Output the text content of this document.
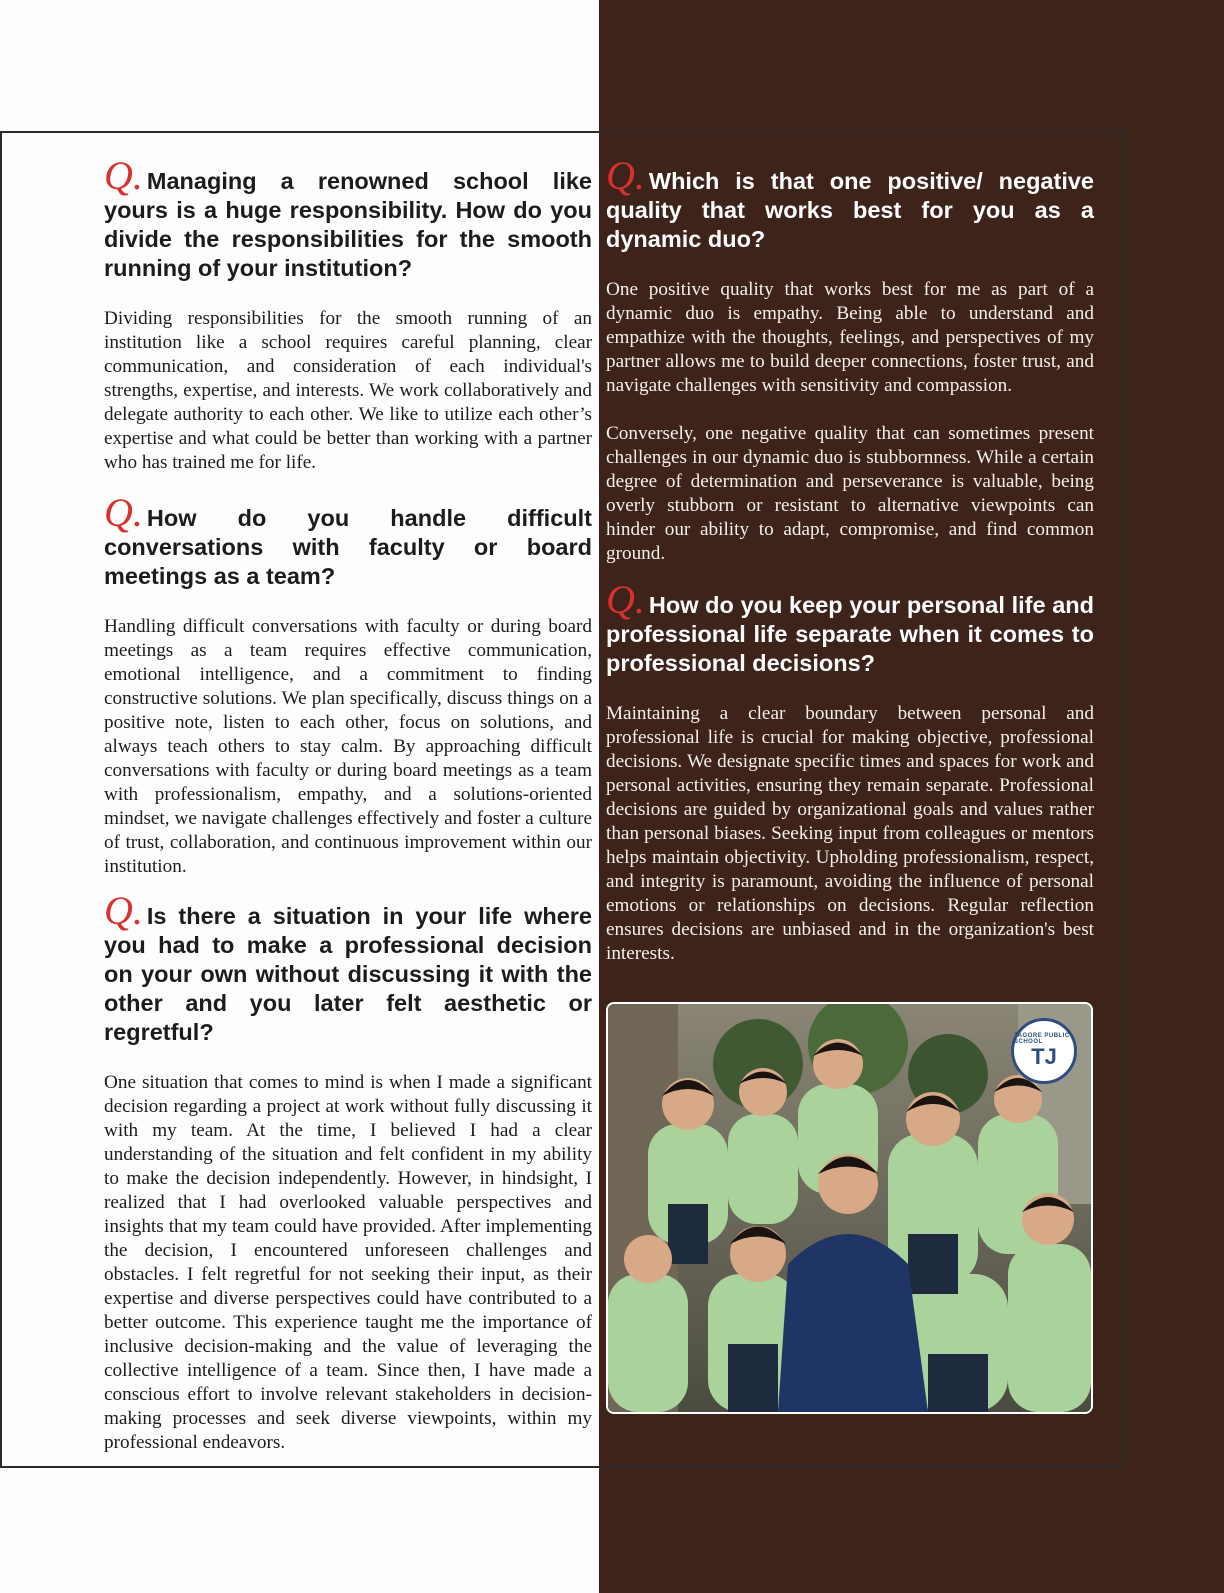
Q. Managing a renowned school like yours is a huge responsibility. How do you divide the responsibilities for the smooth running of your institution?

Dividing responsibilities for the smooth running of an institution like a school requires careful planning, clear communication, and consideration of each individual's strengths, expertise, and interests. We work collaboratively and delegate authority to each other. We like to utilize each other’s expertise and what could be better than working with a partner who has trained me for life.

Q. How do you handle difficult conversations with faculty or board meetings as a team?

Handling difficult conversations with faculty or during board meetings as a team requires effective communication, emotional intelligence, and a commitment to finding constructive solutions. We plan specifically, discuss things on a positive note, listen to each other, focus on solutions, and always teach others to stay calm. By approaching difficult conversations with faculty or during board meetings as a team with professionalism, empathy, and a solutions-oriented mindset, we navigate challenges effectively and foster a culture of trust, collaboration, and continuous improvement within our institution.

Q. Is there a situation in your life where you had to make a professional decision on your own without discussing it with the other and you later felt aesthetic or regretful?

One situation that comes to mind is when I made a significant decision regarding a project at work without fully discussing it with my team. At the time, I believed I had a clear understanding of the situation and felt confident in my ability to make the decision independently. However, in hindsight, I realized that I had overlooked valuable perspectives and insights that my team could have provided. After implementing the decision, I encountered unforeseen challenges and obstacles. I felt regretful for not seeking their input, as their expertise and diverse perspectives could have contributed to a better outcome. This experience taught me the importance of inclusive decision-making and the value of leveraging the collective intelligence of a team. Since then, I have made a conscious effort to involve relevant stakeholders in decision-making processes and seek diverse viewpoints, within my professional endeavors.

Q. Which is that one positive/ negative quality that works best for you as a dynamic duo?

One positive quality that works best for me as part of a dynamic duo is empathy. Being able to understand and empathize with the thoughts, feelings, and perspectives of my partner allows me to build deeper connections, foster trust, and navigate challenges with sensitivity and compassion.

Conversely, one negative quality that can sometimes present challenges in our dynamic duo is stubbornness. While a certain degree of determination and perseverance is valuable, being overly stubborn or resistant to alternative viewpoints can hinder our ability to adapt, compromise, and find common ground.

Q. How do you keep your personal life and professional life separate when it comes to professional decisions?

Maintaining a clear boundary between personal and professional life is crucial for making objective, professional decisions. We designate specific times and spaces for work and personal activities, ensuring they remain separate. Professional decisions are guided by organizational goals and values rather than personal biases. Seeking input from colleagues or mentors helps maintain objectivity. Upholding professionalism, respect, and integrity is paramount, avoiding the influence of personal emotions or relationships on decisions. Regular reflection ensures decisions are unbiased and in the organization's best interests.

TAGORE PUBLIC SCHOOL
TJ
